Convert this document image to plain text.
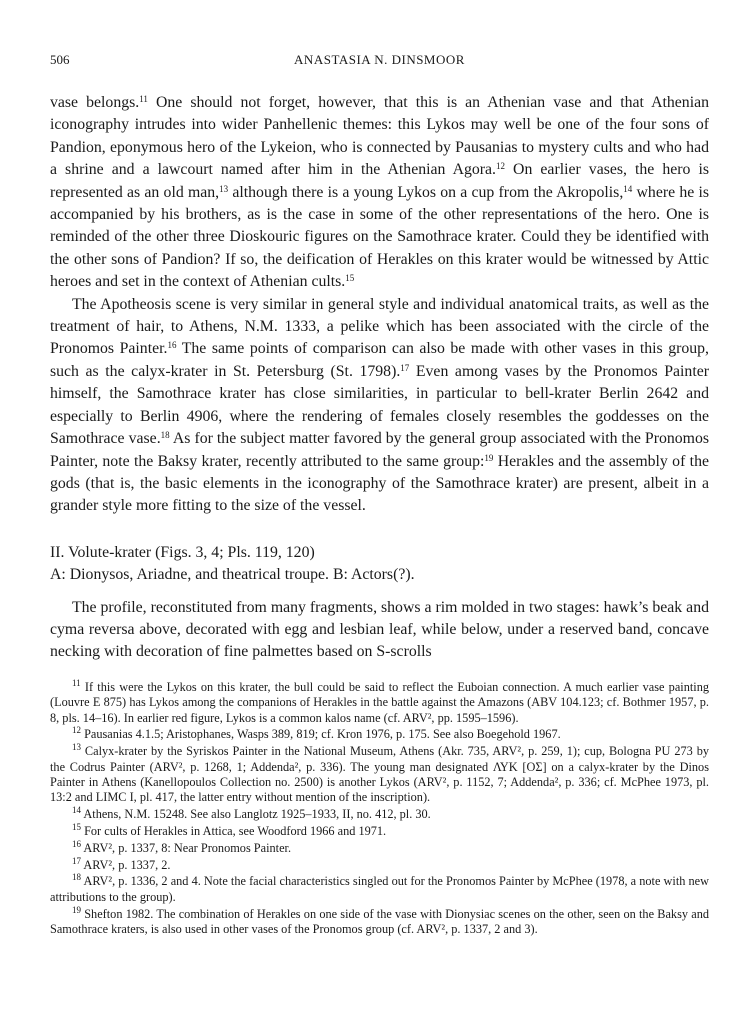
506	ANASTASIA N. DINSMOOR

vase belongs.$^{11}$ One should not forget, however, that this is an Athenian vase and that Athenian iconography intrudes into wider Panhellenic themes: this Lykos may well be one of the four sons of Pandion, eponymous hero of the Lykeion, who is connected by Pausanias to mystery cults and who had a shrine and a lawcourt named after him in the Athenian Agora.$^{12}$ On earlier vases, the hero is represented as an old man,$^{13}$ although there is a young Lykos on a cup from the Akropolis,$^{14}$ where he is accompanied by his brothers, as is the case in some of the other representations of the hero. One is reminded of the other three Dioskouric figures on the Samothrace krater. Could they be identified with the other sons of Pandion? If so, the deification of Herakles on this krater would be witnessed by Attic heroes and set in the context of Athenian cults.$^{15}$

The Apotheosis scene is very similar in general style and individual anatomical traits, as well as the treatment of hair, to Athens, N.M. 1333, a pelike which has been associated with the circle of the Pronomos Painter.$^{16}$ The same points of comparison can also be made with other vases in this group, such as the calyx-krater in St. Petersburg (St. 1798).$^{17}$ Even among vases by the Pronomos Painter himself, the Samothrace krater has close similarities, in particular to bell-krater Berlin 2642 and especially to Berlin 4906, where the rendering of females closely resembles the goddesses on the Samothrace vase.$^{18}$ As for the subject matter favored by the general group associated with the Pronomos Painter, note the Baksy krater, recently attributed to the same group:$^{19}$ Herakles and the assembly of the gods (that is, the basic elements in the iconography of the Samothrace krater) are present, albeit in a grander style more fitting to the size of the vessel.

II. Volute-krater (Figs. 3, 4; Pls. 119, 120)

A: Dionysos, Ariadne, and theatrical troupe. B: Actors(?).

The profile, reconstituted from many fragments, shows a rim molded in two stages: hawk’s beak and cyma reversa above, decorated with egg and lesbian leaf, while below, under a reserved band, concave necking with decoration of fine palmettes based on S-scrolls

$^{11}$ If this were the Lykos on this krater, the bull could be said to reflect the Euboian connection. A much earlier vase painting (Louvre E 875) has Lykos among the companions of Herakles in the battle against the Amazons (ABV 104.123; cf. Bothmer 1957, p. 8, pls. 14–16). In earlier red figure, Lykos is a common kalos name (cf. ARV², pp. 1595–1596).

$^{12}$ Pausanias 4.1.5; Aristophanes, Wasps 389, 819; cf. Kron 1976, p. 175. See also Boegehold 1967.

$^{13}$ Calyx-krater by the Syriskos Painter in the National Museum, Athens (Akr. 735, ARV², p. 259, 1); cup, Bologna PU 273 by the Codrus Painter (ARV², p. 1268, 1; Addenda², p. 336). The young man designated ΛΥΚ [ΟΣ] on a calyx-krater by the Dinos Painter in Athens (Kanellopoulos Collection no. 2500) is another Lykos (ARV², p. 1152, 7; Addenda², p. 336; cf. McPhee 1973, pl. 13:2 and LIMC I, pl. 417, the latter entry without mention of the inscription).

$^{14}$ Athens, N.M. 15248. See also Langlotz 1925–1933, II, no. 412, pl. 30.

$^{15}$ For cults of Herakles in Attica, see Woodford 1966 and 1971.

$^{16}$ ARV², p. 1337, 8: Near Pronomos Painter.

$^{17}$ ARV², p. 1337, 2.

$^{18}$ ARV², p. 1336, 2 and 4. Note the facial characteristics singled out for the Pronomos Painter by McPhee (1978, a note with new attributions to the group).

$^{19}$ Shefton 1982. The combination of Herakles on one side of the vase with Dionysiac scenes on the other, seen on the Baksy and Samothrace kraters, is also used in other vases of the Pronomos group (cf. ARV², p. 1337, 2 and 3).
